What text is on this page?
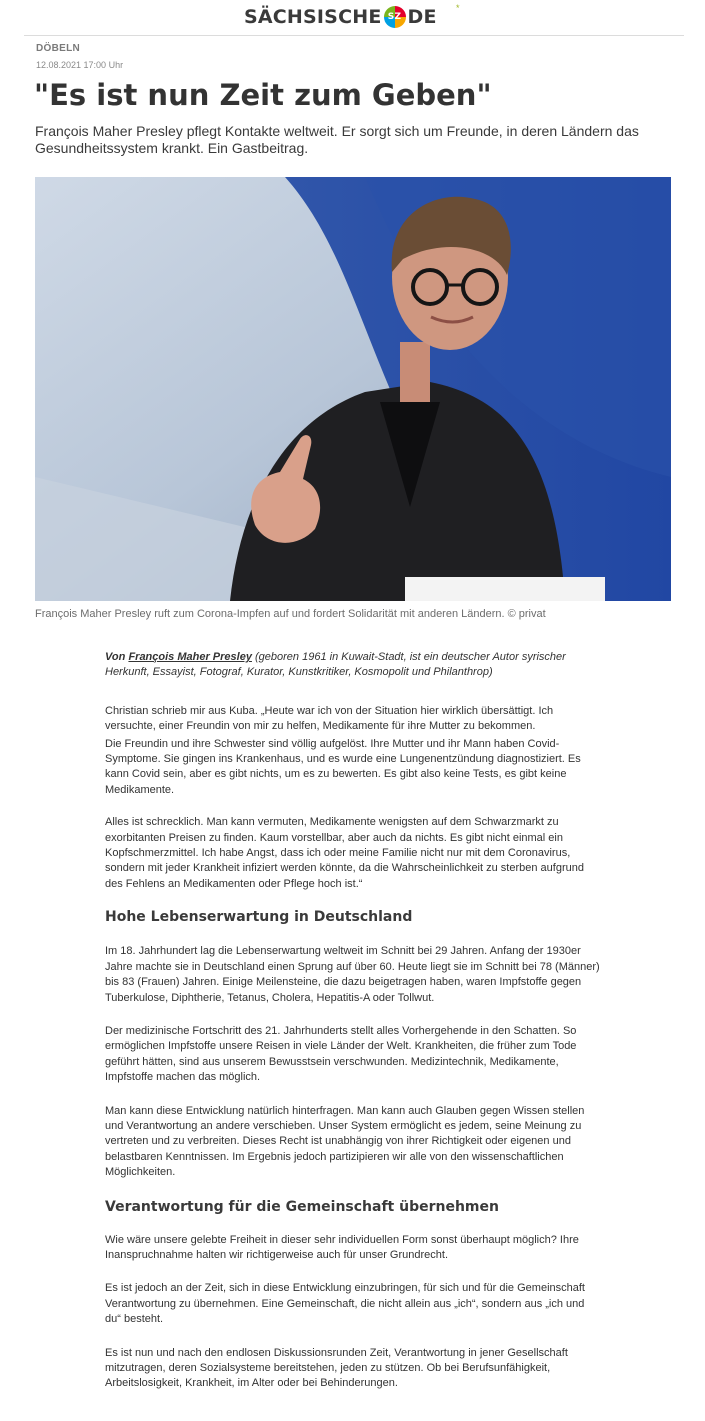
SÄCHSISCHE SZ DE *
DÖBELN
12.08.2021 17:00 Uhr
"Es ist nun Zeit zum Geben"

François Maher Presley pflegt Kontakte weltweit. Er sorgt sich um Freunde, in deren Ländern das Gesundheitssystem krankt. Ein Gastbeitrag.

François Maher Presley ruft zum Corona-Impfen auf und fordert Solidarität mit anderen Ländern. © privat

Von François Maher Presley (geboren 1961 in Kuwait-Stadt, ist ein deutscher Autor syrischer Herkunft, Essayist, Fotograf, Kurator, Kunstkritiker, Kosmopolit und Philanthrop)

Christian schrieb mir aus Kuba. „Heute war ich von der Situation hier wirklich übersättigt. Ich versuchte, einer Freundin von mir zu helfen, Medikamente für ihre Mutter zu bekommen.

Die Freundin und ihre Schwester sind völlig aufgelöst. Ihre Mutter und ihr Mann haben Covid-Symptome. Sie gingen ins Krankenhaus, und es wurde eine Lungenentzündung diagnostiziert. Es kann Covid sein, aber es gibt nichts, um es zu bewerten. Es gibt also keine Tests, es gibt keine Medikamente.

Alles ist schrecklich. Man kann vermuten, Medikamente wenigsten auf dem Schwarzmarkt zu exorbitanten Preisen zu finden. Kaum vorstellbar, aber auch da nichts. Es gibt nicht einmal ein Kopfschmerzmittel. Ich habe Angst, dass ich oder meine Familie nicht nur mit dem Coronavirus, sondern mit jeder Krankheit infiziert werden könnte, da die Wahrscheinlichkeit zu sterben aufgrund des Fehlens an Medikamenten oder Pflege hoch ist.“

Hohe Lebenserwartung in Deutschland

Im 18. Jahrhundert lag die Lebenserwartung weltweit im Schnitt bei 29 Jahren. Anfang der 1930er Jahre machte sie in Deutschland einen Sprung auf über 60. Heute liegt sie im Schnitt bei 78 (Männer) bis 83 (Frauen) Jahren. Einige Meilensteine, die dazu beigetragen haben, waren Impfstoffe gegen Tuberkulose, Diphtherie, Tetanus, Cholera, Hepatitis-A oder Tollwut.

Der medizinische Fortschritt des 21. Jahrhunderts stellt alles Vorhergehende in den Schatten. So ermöglichen Impfstoffe unsere Reisen in viele Länder der Welt. Krankheiten, die früher zum Tode geführt hätten, sind aus unserem Bewusstsein verschwunden. Medizintechnik, Medikamente, Impfstoffe machen das möglich.

Man kann diese Entwicklung natürlich hinterfragen. Man kann auch Glauben gegen Wissen stellen und Verantwortung an andere verschieben. Unser System ermöglicht es jedem, seine Meinung zu vertreten und zu verbreiten. Dieses Recht ist unabhängig von ihrer Richtigkeit oder eigenen und belastbaren Kenntnissen. Im Ergebnis jedoch partizipieren wir alle von den wissenschaftlichen Möglichkeiten.

Verantwortung für die Gemeinschaft übernehmen

Wie wäre unsere gelebte Freiheit in dieser sehr individuellen Form sonst überhaupt möglich? Ihre Inanspruchnahme halten wir richtigerweise auch für unser Grundrecht.

Es ist jedoch an der Zeit, sich in diese Entwicklung einzubringen, für sich und für die Gemeinschaft Verantwortung zu übernehmen. Eine Gemeinschaft, die nicht allein aus „ich“, sondern aus „ich und du“ besteht.

Es ist nun und nach den endlosen Diskussionsrunden Zeit, Verantwortung in jener Gesellschaft mitzutragen, deren Sozialsysteme bereitstehen, jeden zu stützen. Ob bei Berufsunfähigkeit, Arbeitslosigkeit, Krankheit, im Alter oder bei Behinderungen.
